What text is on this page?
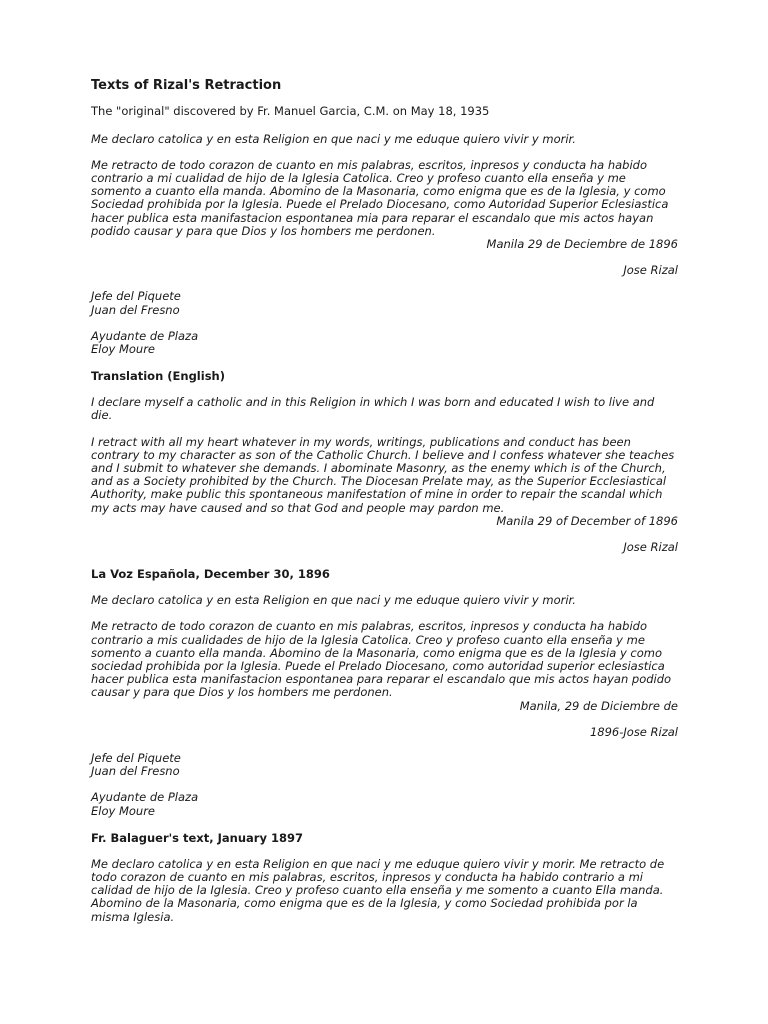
Texts of Rizal's Retraction

The "original" discovered by Fr. Manuel Garcia, C.M. on May 18, 1935

Me declaro catolica y en esta Religion en que naci y me eduque quiero vivir y morir.

Me retracto de todo corazon de cuanto en mis palabras, escritos, inpresos y conducta ha habido contrario a mi cualidad de hijo de la Iglesia Catolica. Creo y profeso cuanto ella enseña y me somento a cuanto ella manda. Abomino de la Masonaria, como enigma que es de la Iglesia, y como Sociedad prohibida por la Iglesia. Puede el Prelado Diocesano, como Autoridad Superior Eclesiastica hacer publica esta manifastacion espontanea mia para reparar el escandalo que mis actos hayan podido causar y para que Dios y los hombers me perdonen.

Manila 29 de Deciembre de 1896

Jose Rizal

Jefe del Piquete
Juan del Fresno
Ayudante de Plaza
Eloy Moure
Translation (English)

I declare myself a catholic and in this Religion in which I was born and educated I wish to live and die.

I retract with all my heart whatever in my words, writings, publications and conduct has been contrary to my character as son of the Catholic Church. I believe and I confess whatever she teaches and I submit to whatever she demands. I abominate Masonry, as the enemy which is of the Church, and as a Society prohibited by the Church. The Diocesan Prelate may, as the Superior Ecclesiastical Authority, make public this spontaneous manifestation of mine in order to repair the scandal which my acts may have caused and so that God and people may pardon me.

Manila 29 of December of 1896

Jose Rizal

La Voz Española, December 30, 1896

Me declaro catolica y en esta Religion en que naci y me eduque quiero vivir y morir.

Me retracto de todo corazon de cuanto en mis palabras, escritos, inpresos y conducta ha habido contrario a mis cualidades de hijo de la Iglesia Catolica. Creo y profeso cuanto ella enseña y me somento a cuanto ella manda. Abomino de la Masonaria, como enigma que es de la Iglesia y como sociedad prohibida por la Iglesia. Puede el Prelado Diocesano, como autoridad superior eclesiastica hacer publica esta manifastacion espontanea para reparar el escandalo que mis actos hayan podido causar y para que Dios y los hombers me perdonen.

Manila, 29 de Diciembre de

1896-Jose Rizal

Jefe del Piquete
Juan del Fresno
Ayudante de Plaza
Eloy Moure
Fr. Balaguer's text, January 1897

Me declaro catolica y en esta Religion en que naci y me eduque quiero vivir y morir. Me retracto de todo corazon de cuanto en mis palabras, escritos, inpresos y conducta ha habido contrario a mi calidad de hijo de la Iglesia. Creo y profeso cuanto ella enseña y me somento a cuanto Ella manda. Abomino de la Masonaria, como enigma que es de la Iglesia, y como Sociedad prohibida por la misma Iglesia.
